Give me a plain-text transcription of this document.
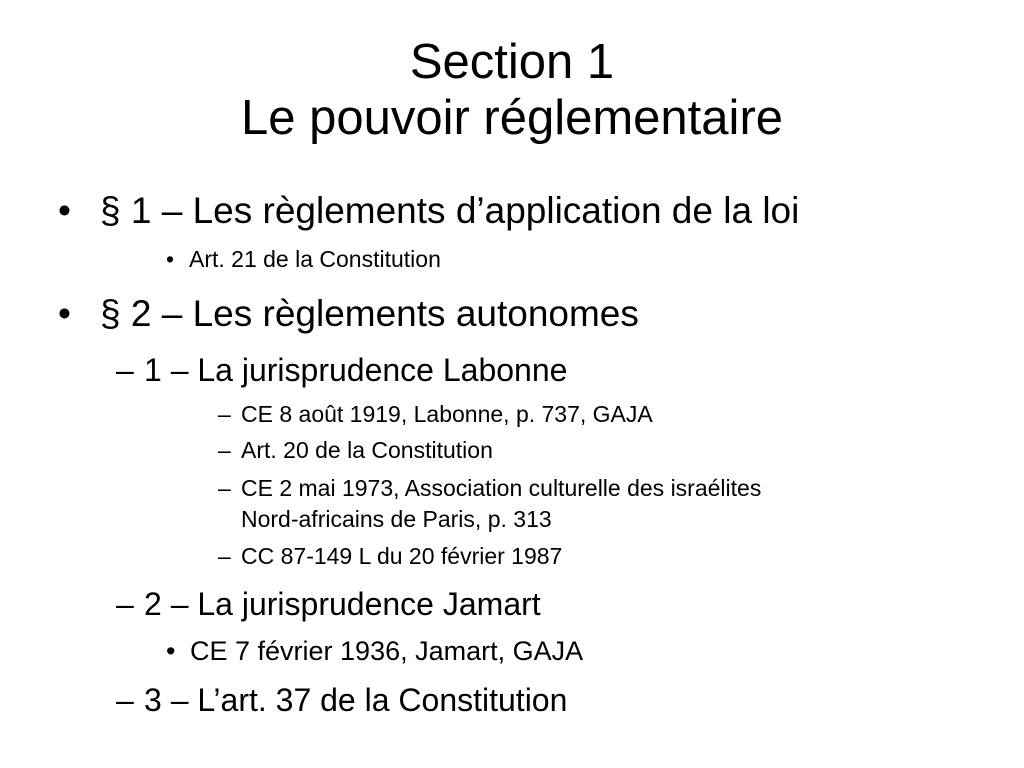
Section 1
Le pouvoir réglementaire
• § 1 – Les règlements d’application de la loi
• Art. 21 de la Constitution
• § 2 – Les règlements autonomes
– 1 – La jurisprudence Labonne
– CE 8 août 1919, Labonne, p. 737, GAJA
– Art. 20 de la Constitution
– CE 2 mai 1973, Association culturelle des israélites
Nord-africains de Paris, p. 313
– CC 87-149 L du 20 février 1987
– 2 – La jurisprudence Jamart
• CE 7 février 1936, Jamart, GAJA
– 3 – L’art. 37 de la Constitution
